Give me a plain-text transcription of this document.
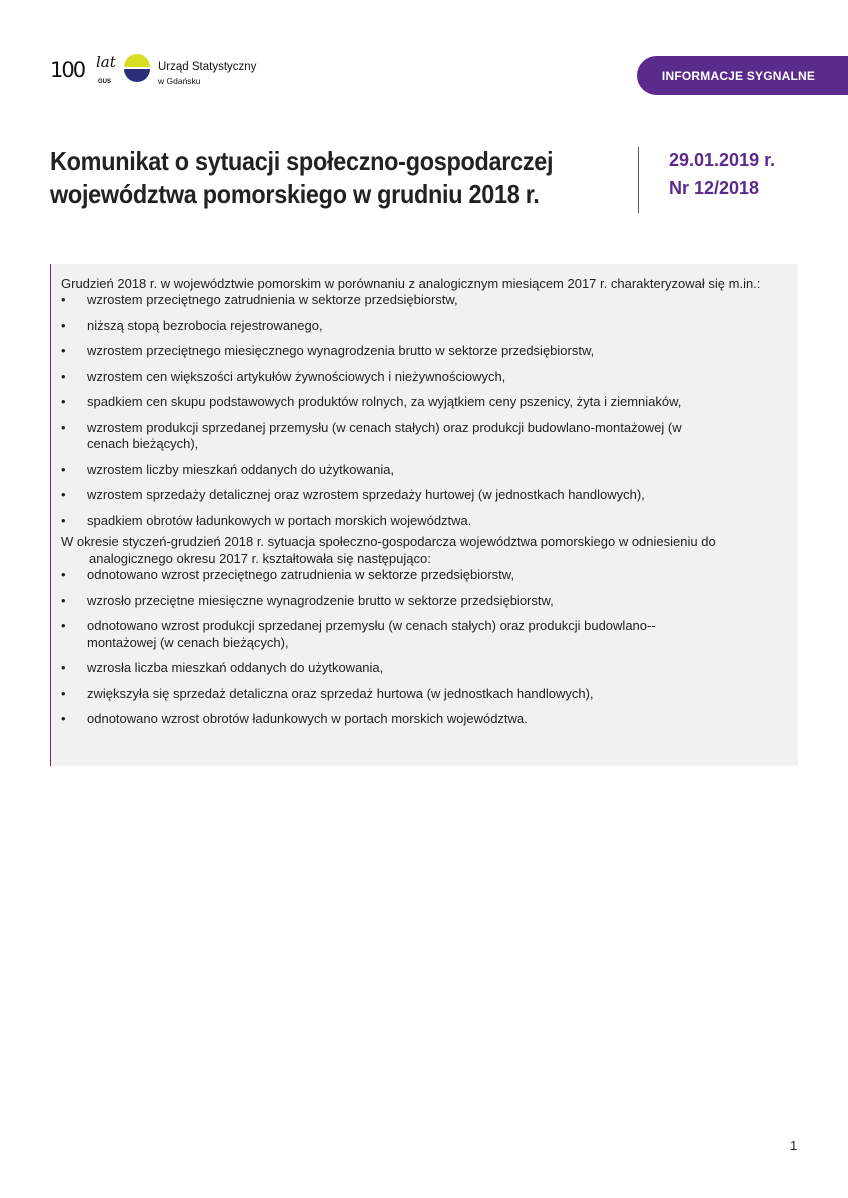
100 lat
GUS
Urząd Statystyczny
w Gdańsku	INFORMACJE SYGNALNE
Komunikat o sytuacji społeczno-gospodarczej województwa pomorskiego w grudniu 2018 r.
29.01.2019 r.
Nr 12/2018

Grudzień 2018 r. w województwie pomorskim w porównaniu z analogicznym miesiącem 2017 r. charakteryzował się m.in.:

• wzrostem przeciętnego zatrudnienia w sektorze przedsiębiorstw,
• niższą stopą bezrobocia rejestrowanego,
• wzrostem przeciętnego miesięcznego wynagrodzenia brutto w sektorze przedsiębiorstw,
• wzrostem cen większości artykułów żywnościowych i nieżywnościowych,
• spadkiem cen skupu podstawowych produktów rolnych, za wyjątkiem ceny pszenicy, żyta i ziemniaków,
• wzrostem produkcji sprzedanej przemysłu (w cenach stałych) oraz produkcji budowlano-montażowej (w cenach bieżących),
• wzrostem liczby mieszkań oddanych do użytkowania,
• wzrostem sprzedaży detalicznej oraz wzrostem sprzedaży hurtowej (w jednostkach handlowych),
• spadkiem obrotów ładunkowych w portach morskich województwa.

W okresie styczeń-grudzień 2018 r. sytuacja społeczno-gospodarcza województwa pomorskiego w odniesieniu do analogicznego okresu 2017 r. kształtowała się następująco:

• odnotowano wzrost przeciętnego zatrudnienia w sektorze przedsiębiorstw,
• wzrosło przeciętne miesięczne wynagrodzenie brutto w sektorze przedsiębiorstw,
• odnotowano wzrost produkcji sprzedanej przemysłu (w cenach stałych) oraz produkcji budowlano--montażowej (w cenach bieżących),
• wzrosła liczba mieszkań oddanych do użytkowania,
• zwiększyła się sprzedaż detaliczna oraz sprzedaż hurtowa (w jednostkach handlowych),
• odnotowano wzrost obrotów ładunkowych w portach morskich województwa.
1
